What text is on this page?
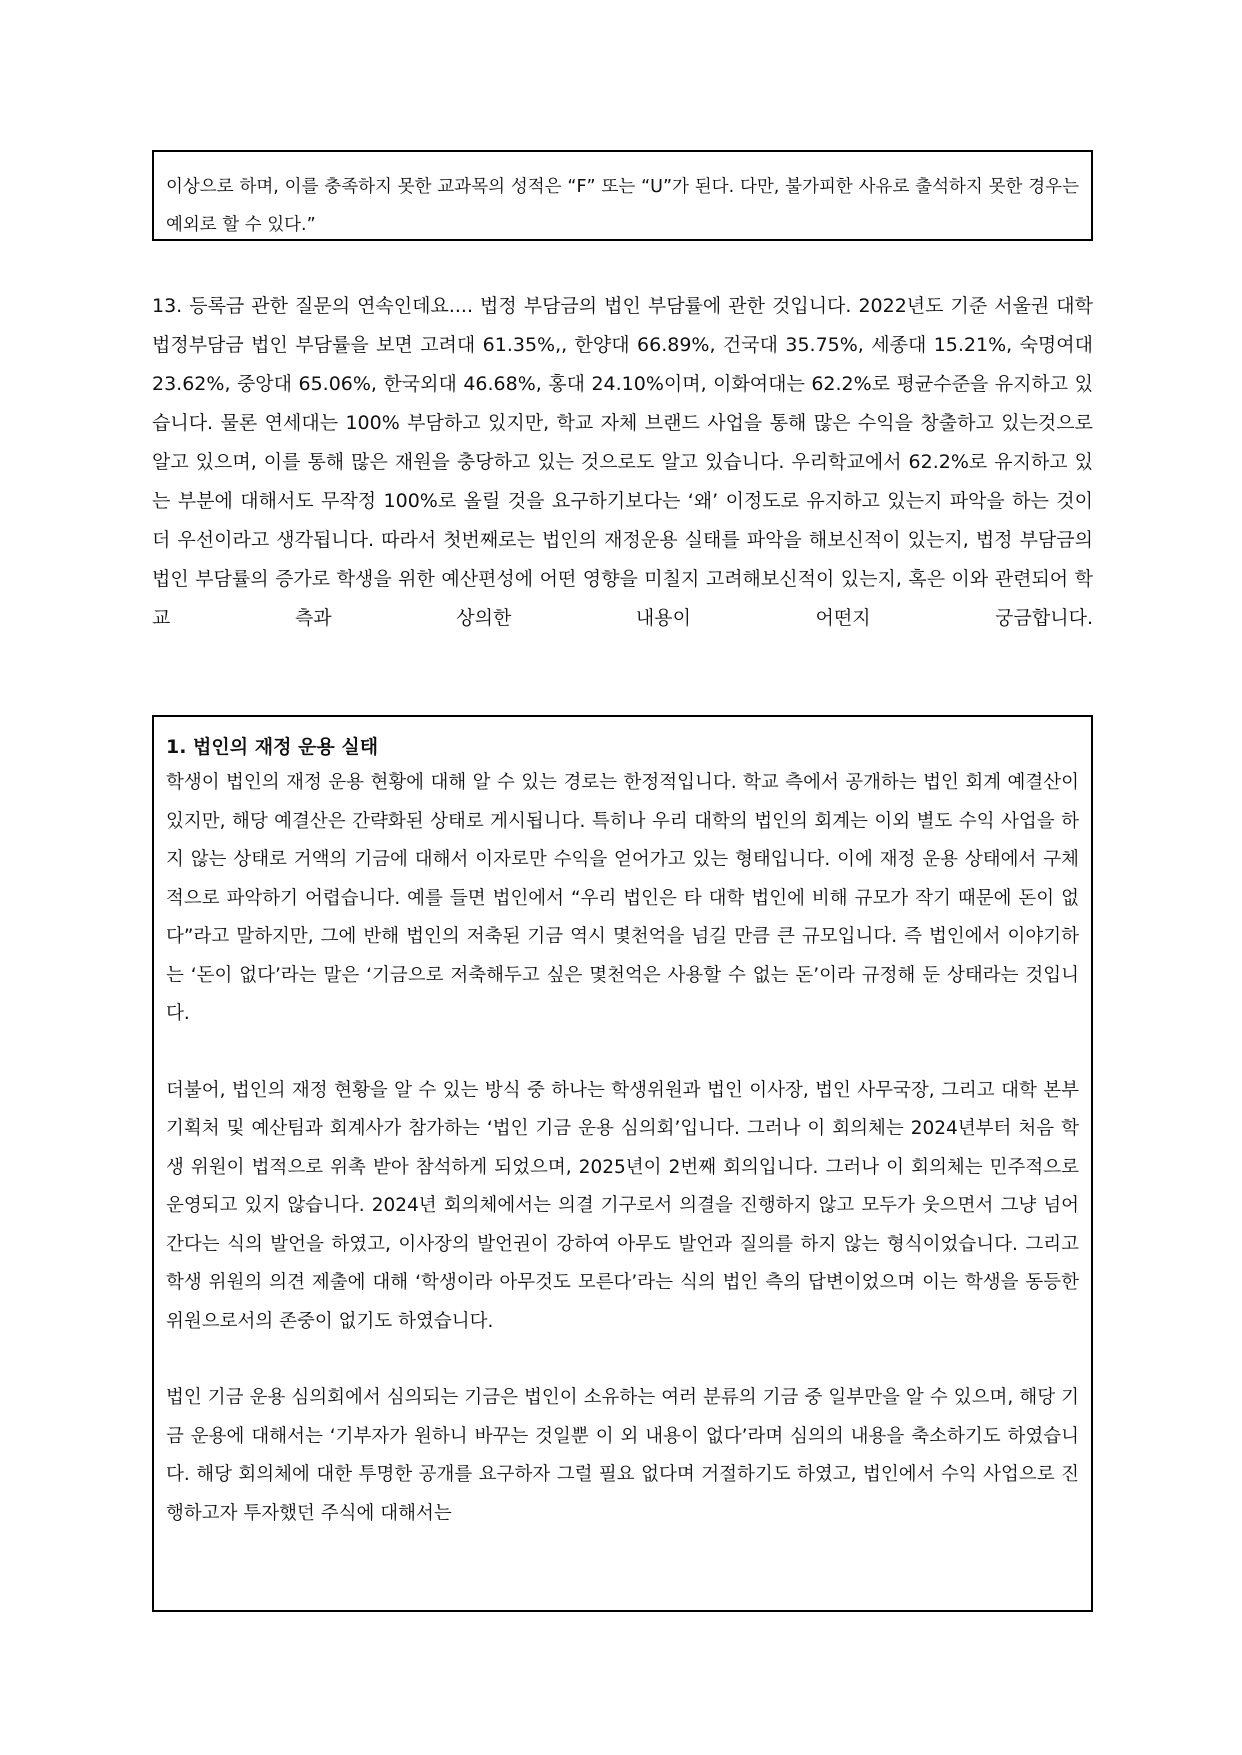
이상으로 하며, 이를 충족하지 못한 교과목의 성적은 “F” 또는 “U”가 된다. 다만, 불가피한 사유로 출석하지 못한 경우는 예외로 할 수 있다.”

13. 등록금 관한 질문의 연속인데요.... 법정 부담금의 법인 부담률에 관한 것입니다. 2022년도 기준 서울권 대학 법정부담금 법인 부담률을 보면 고려대 61.35%,, 한양대 66.89%, 건국대 35.75%, 세종대 15.21%, 숙명여대 23.62%, 중앙대 65.06%, 한국외대 46.68%, 홍대 24.10%이며, 이화여대는 62.2%로 평균수준을 유지하고 있습니다. 물론 연세대는 100% 부담하고 있지만, 학교 자체 브랜드 사업을 통해 많은 수익을 창출하고 있는것으로 알고 있으며, 이를 통해 많은 재원을 충당하고 있는 것으로도 알고 있습니다. 우리학교에서 62.2%로 유지하고 있는 부분에 대해서도 무작정 100%로 올릴 것을 요구하기보다는 ‘왜’ 이정도로 유지하고 있는지 파악을 하는 것이 더 우선이라고 생각됩니다. 따라서 첫번째로는 법인의 재정운용 실태를 파악을 해보신적이 있는지, 법정 부담금의 법인 부담률의 증가로 학생을 위한 예산편성에 어떤 영향을 미칠지 고려해보신적이 있는지, 혹은 이와 관련되어 학교 측과 상의한 내용이 어떤지 궁금합니다.

1. 법인의 재정 운용 실태

학생이 법인의 재정 운용 현황에 대해 알 수 있는 경로는 한정적입니다. 학교 측에서 공개하는 법인 회계 예결산이 있지만, 해당 예결산은 간략화된 상태로 게시됩니다. 특히나 우리 대학의 법인의 회계는 이외 별도 수익 사업을 하지 않는 상태로 거액의 기금에 대해서 이자로만 수익을 얻어가고 있는 형태입니다. 이에 재정 운용 상태에서 구체적으로 파악하기 어렵습니다. 예를 들면 법인에서 “우리 법인은 타 대학 법인에 비해 규모가 작기 때문에 돈이 없다”라고 말하지만, 그에 반해 법인의 저축된 기금 역시 몇천억을 넘길 만큼 큰 규모입니다. 즉 법인에서 이야기하는 ‘돈이 없다’라는 말은 ‘기금으로 저축해두고 싶은 몇천억은 사용할 수 없는 돈’이라 규정해 둔 상태라는 것입니다.

더불어, 법인의 재정 현황을 알 수 있는 방식 중 하나는 학생위원과 법인 이사장, 법인 사무국장, 그리고 대학 본부 기획처 및 예산팀과 회계사가 참가하는 ‘법인 기금 운용 심의회’입니다. 그러나 이 회의체는 2024년부터 처음 학생 위원이 법적으로 위촉 받아 참석하게 되었으며, 2025년이 2번째 회의입니다. 그러나 이 회의체는 민주적으로 운영되고 있지 않습니다. 2024년 회의체에서는 의결 기구로서 의결을 진행하지 않고 모두가 웃으면서 그냥 넘어간다는 식의 발언을 하였고, 이사장의 발언권이 강하여 아무도 발언과 질의를 하지 않는 형식이었습니다. 그리고 학생 위원의 의견 제출에 대해 ‘학생이라 아무것도 모른다’라는 식의 법인 측의 답변이었으며 이는 학생을 동등한 위원으로서의 존중이 없기도 하였습니다.

법인 기금 운용 심의회에서 심의되는 기금은 법인이 소유하는 여러 분류의 기금 중 일부만을 알 수 있으며, 해당 기금 운용에 대해서는 ‘기부자가 원하니 바꾸는 것일뿐 이 외 내용이 없다’라며 심의의 내용을 축소하기도 하였습니다. 해당 회의체에 대한 투명한 공개를 요구하자 그럴 필요 없다며 거절하기도 하였고, 법인에서 수익 사업으로 진행하고자 투자했던 주식에 대해서는
